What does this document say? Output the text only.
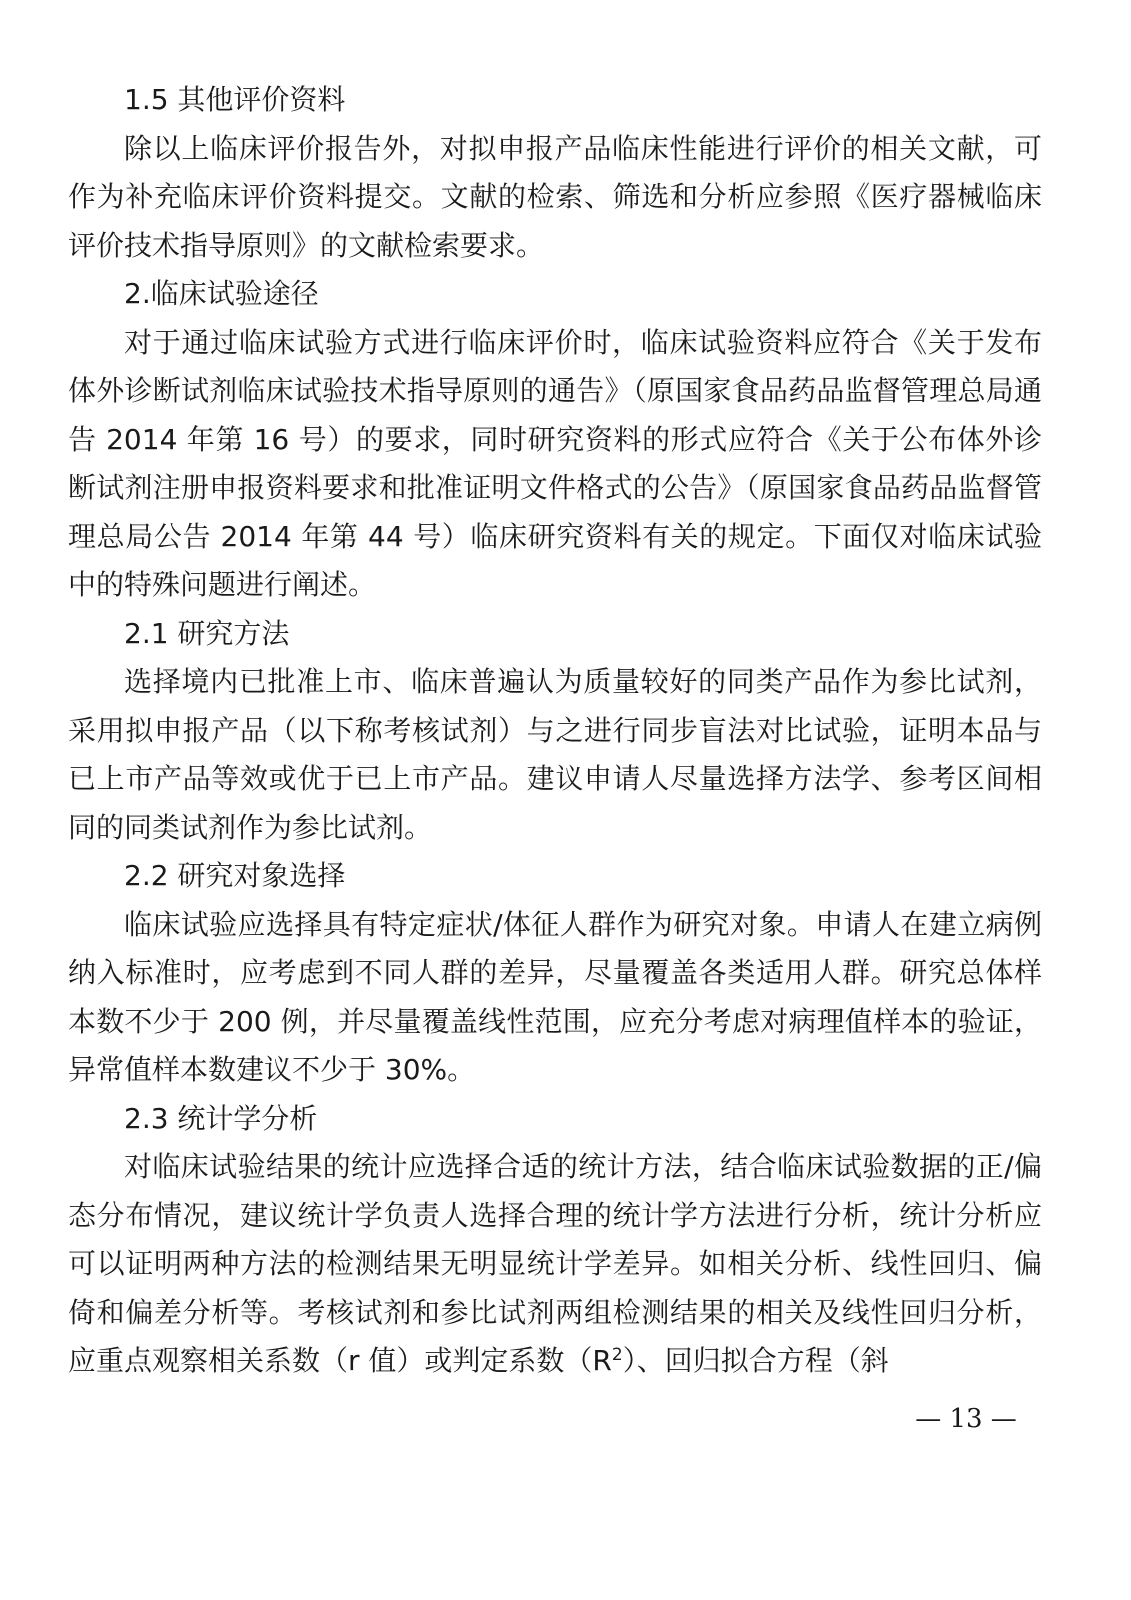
1.5 其他评价资料

除以上临床评价报告外，对拟申报产品临床性能进行评价的相关文献，可作为补充临床评价资料提交。文献的检索、筛选和分析应参照《医疗器械临床评价技术指导原则》的文献检索要求。

2.临床试验途径

对于通过临床试验方式进行临床评价时，临床试验资料应符合《关于发布体外诊断试剂临床试验技术指导原则的通告》（原国家食品药品监督管理总局通告 2014 年第 16 号）的要求，同时研究资料的形式应符合《关于公布体外诊断试剂注册申报资料要求和批准证明文件格式的公告》（原国家食品药品监督管理总局公告 2014 年第 44 号）临床研究资料有关的规定。下面仅对临床试验中的特殊问题进行阐述。

2.1 研究方法

选择境内已批准上市、临床普遍认为质量较好的同类产品作为参比试剂，采用拟申报产品（以下称考核试剂）与之进行同步盲法对比试验，证明本品与已上市产品等效或优于已上市产品。建议申请人尽量选择方法学、参考区间相同的同类试剂作为参比试剂。

2.2 研究对象选择

临床试验应选择具有特定症状/体征人群作为研究对象。申请人在建立病例纳入标准时，应考虑到不同人群的差异，尽量覆盖各类适用人群。研究总体样本数不少于 200 例，并尽量覆盖线性范围，应充分考虑对病理值样本的验证，异常值样本数建议不少于 30%。

2.3 统计学分析

对临床试验结果的统计应选择合适的统计方法，结合临床试验数据的正/偏态分布情况，建议统计学负责人选择合理的统计学方法进行分析，统计分析应可以证明两种方法的检测结果无明显统计学差异。如相关分析、线性回归、偏倚和偏差分析等。考核试剂和参比试剂两组检测结果的相关及线性回归分析，应重点观察相关系数（r 值）或判定系数$(R^2)$、回归拟合方程（斜

— 13 —
